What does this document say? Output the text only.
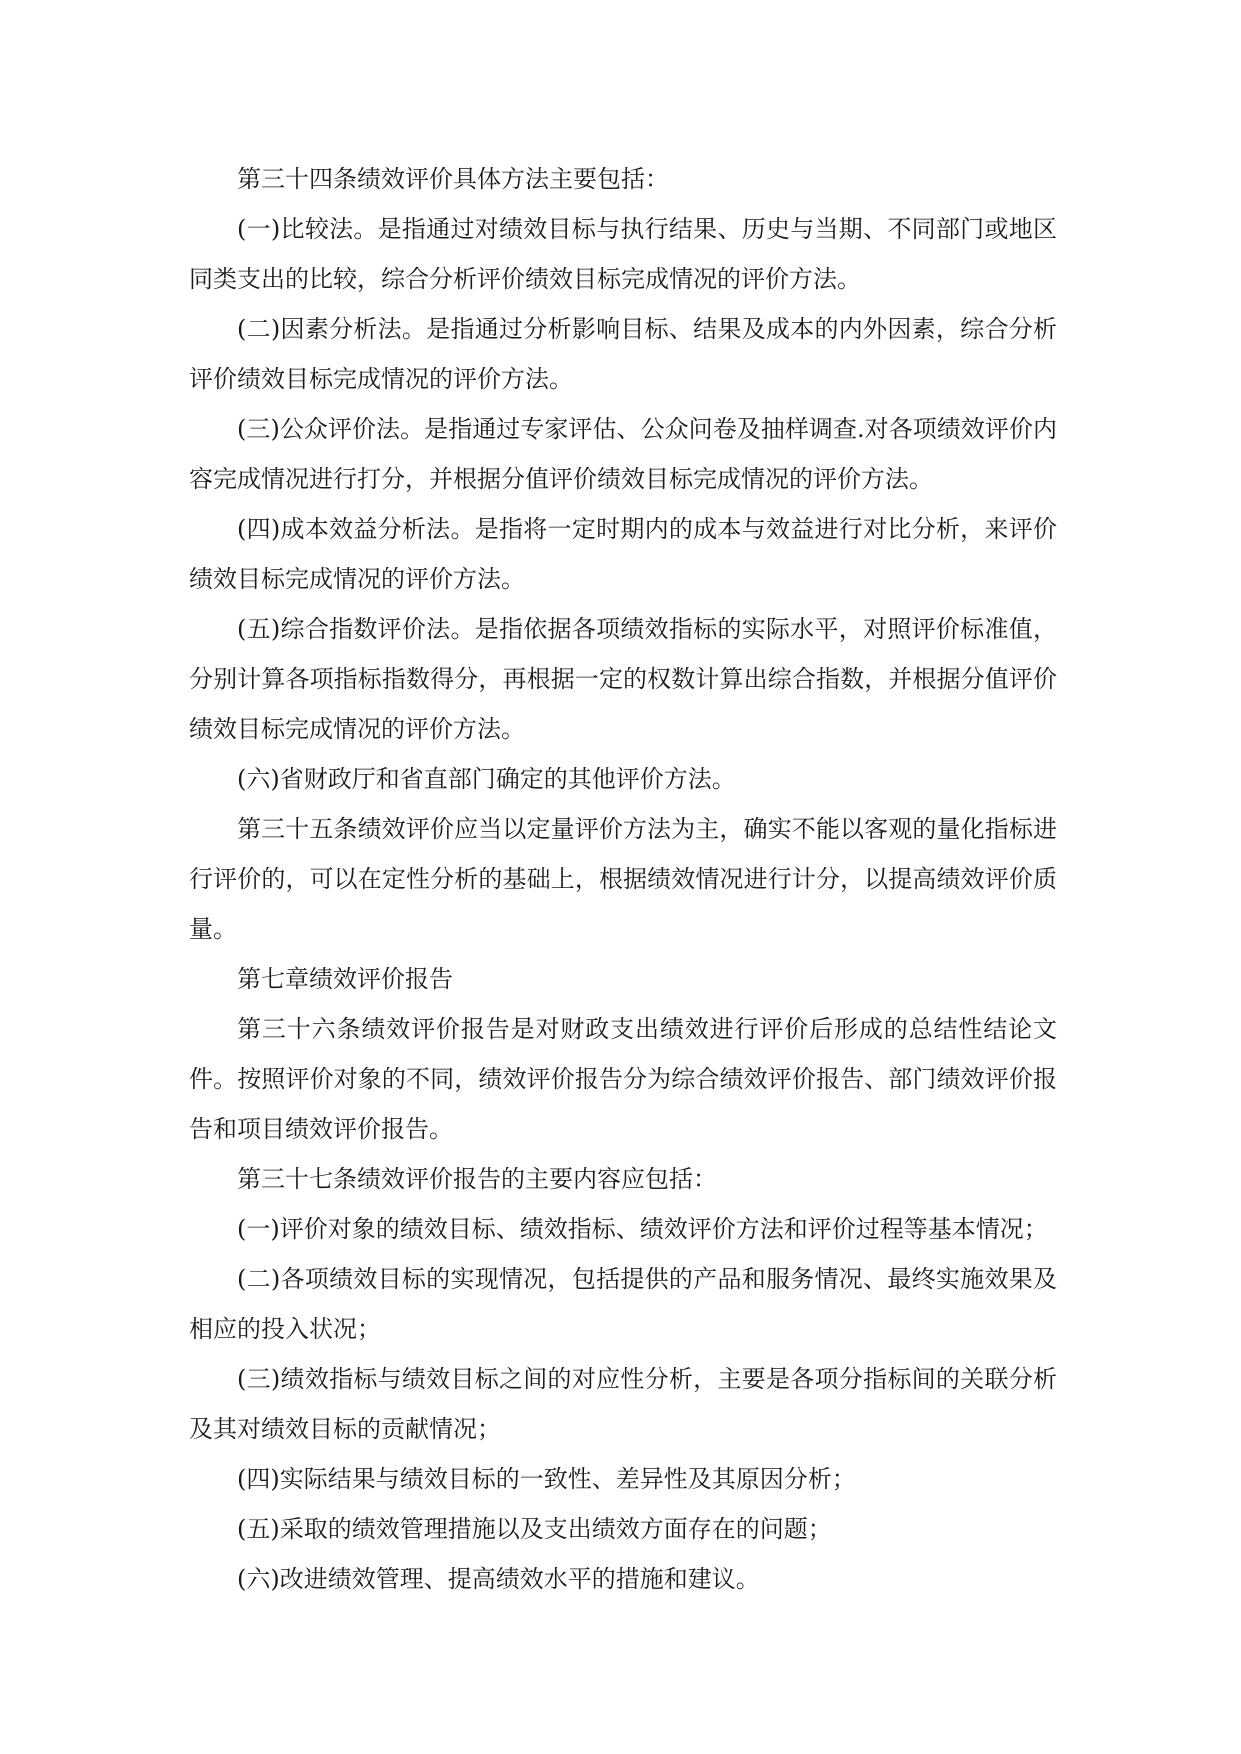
第三十四条绩效评价具体方法主要包括：

(一)比较法。是指通过对绩效目标与执行结果、历史与当期、不同部门或地区同类支出的比较，综合分析评价绩效目标完成情况的评价方法。

(二)因素分析法。是指通过分析影响目标、结果及成本的内外因素，综合分析评价绩效目标完成情况的评价方法。

(三)公众评价法。是指通过专家评估、公众问卷及抽样调查.对各项绩效评价内容完成情况进行打分，并根据分值评价绩效目标完成情况的评价方法。

(四)成本效益分析法。是指将一定时期内的成本与效益进行对比分析，来评价绩效目标完成情况的评价方法。

(五)综合指数评价法。是指依据各项绩效指标的实际水平，对照评价标准值，分别计算各项指标指数得分，再根据一定的权数计算出综合指数，并根据分值评价绩效目标完成情况的评价方法。

(六)省财政厅和省直部门确定的其他评价方法。

第三十五条绩效评价应当以定量评价方法为主，确实不能以客观的量化指标进行评价的，可以在定性分析的基础上，根据绩效情况进行计分，以提高绩效评价质量。

第七章绩效评价报告

第三十六条绩效评价报告是对财政支出绩效进行评价后形成的总结性结论文件。按照评价对象的不同，绩效评价报告分为综合绩效评价报告、部门绩效评价报告和项目绩效评价报告。

第三十七条绩效评价报告的主要内容应包括：

(一)评价对象的绩效目标、绩效指标、绩效评价方法和评价过程等基本情况；

(二)各项绩效目标的实现情况，包括提供的产品和服务情况、最终实施效果及相应的投入状况；

(三)绩效指标与绩效目标之间的对应性分析，主要是各项分指标间的关联分析及其对绩效目标的贡献情况；

(四)实际结果与绩效目标的一致性、差异性及其原因分析；

(五)采取的绩效管理措施以及支出绩效方面存在的问题；

(六)改进绩效管理、提高绩效水平的措施和建议。
